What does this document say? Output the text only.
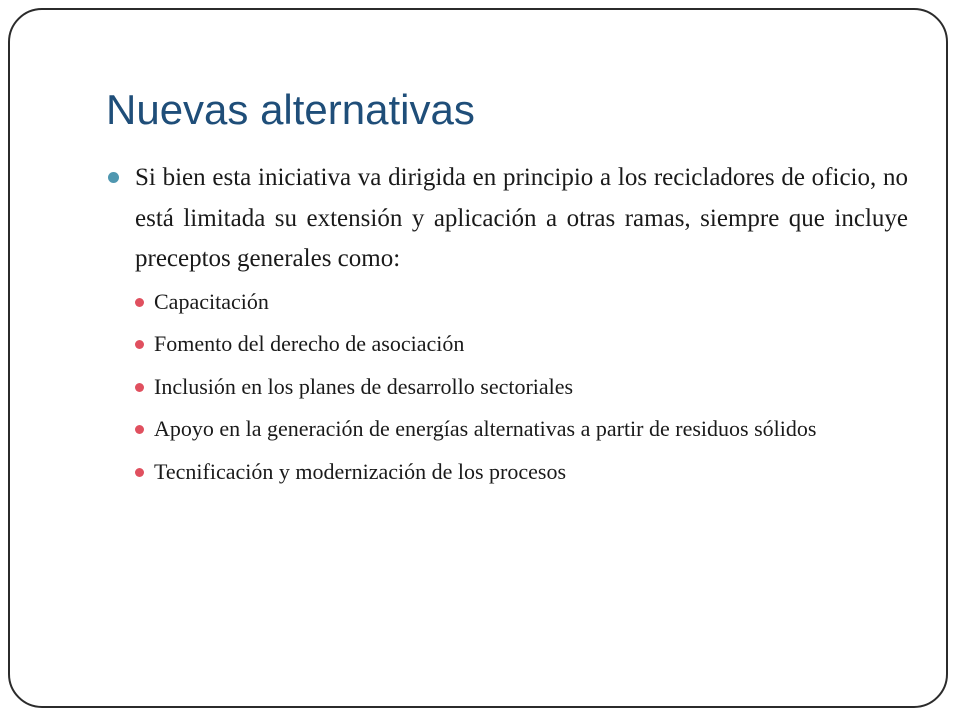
Nuevas alternativas

Si bien esta iniciativa va dirigida en principio a los recicladores de oficio, no está limitada su extensión y aplicación a otras ramas, siempre que incluye preceptos generales como:

Capacitación

Fomento del derecho de asociación

Inclusión en los planes de desarrollo sectoriales

Apoyo en la generación de energías alternativas a partir de residuos sólidos

Tecnificación y modernización de los procesos
